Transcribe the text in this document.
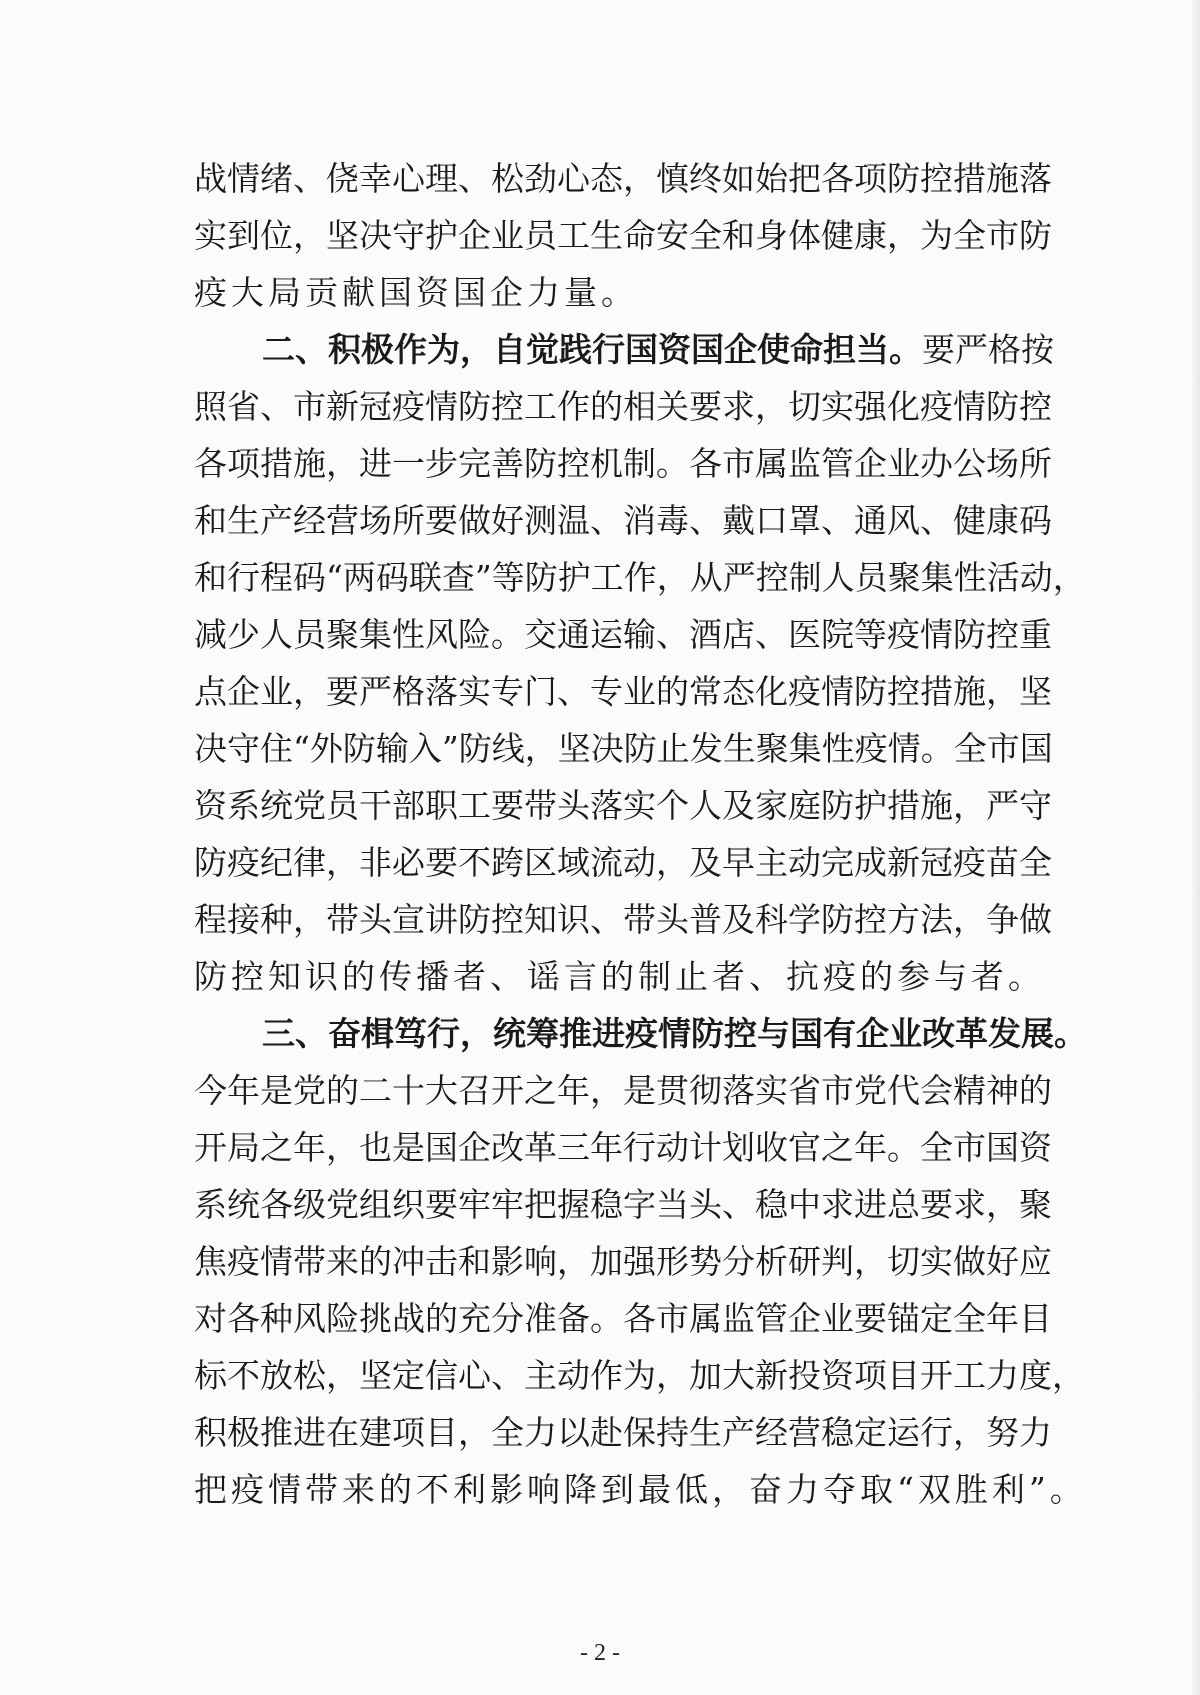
战情绪、侥幸心理、松劲心态，慎终如始把各项防控措施落
实到位，坚决守护企业员工生命安全和身体健康，为全市防
疫大局贡献国资国企力量。
二、积极作为，自觉践行国资国企使命担当。要严格按
照省、市新冠疫情防控工作的相关要求，切实强化疫情防控
各项措施，进一步完善防控机制。各市属监管企业办公场所
和生产经营场所要做好测温、消毒、戴口罩、通风、健康码
和行程码“两码联查”等防护工作，从严控制人员聚集性活动，
减少人员聚集性风险。交通运输、酒店、医院等疫情防控重
点企业，要严格落实专门、专业的常态化疫情防控措施，坚
决守住“外防输入”防线，坚决防止发生聚集性疫情。全市国
资系统党员干部职工要带头落实个人及家庭防护措施，严守
防疫纪律，非必要不跨区域流动，及早主动完成新冠疫苗全
程接种，带头宣讲防控知识、带头普及科学防控方法，争做
防控知识的传播者、谣言的制止者、抗疫的参与者。
三、奋楫笃行，统筹推进疫情防控与国有企业改革发展。
今年是党的二十大召开之年，是贯彻落实省市党代会精神的
开局之年，也是国企改革三年行动计划收官之年。全市国资
系统各级党组织要牢牢把握稳字当头、稳中求进总要求，聚
焦疫情带来的冲击和影响，加强形势分析研判，切实做好应
对各种风险挑战的充分准备。各市属监管企业要锚定全年目
标不放松，坚定信心、主动作为，加大新投资项目开工力度，
积极推进在建项目，全力以赴保持生产经营稳定运行，努力
把疫情带来的不利影响降到最低，奋力夺取“双胜利”。
- 2 -
